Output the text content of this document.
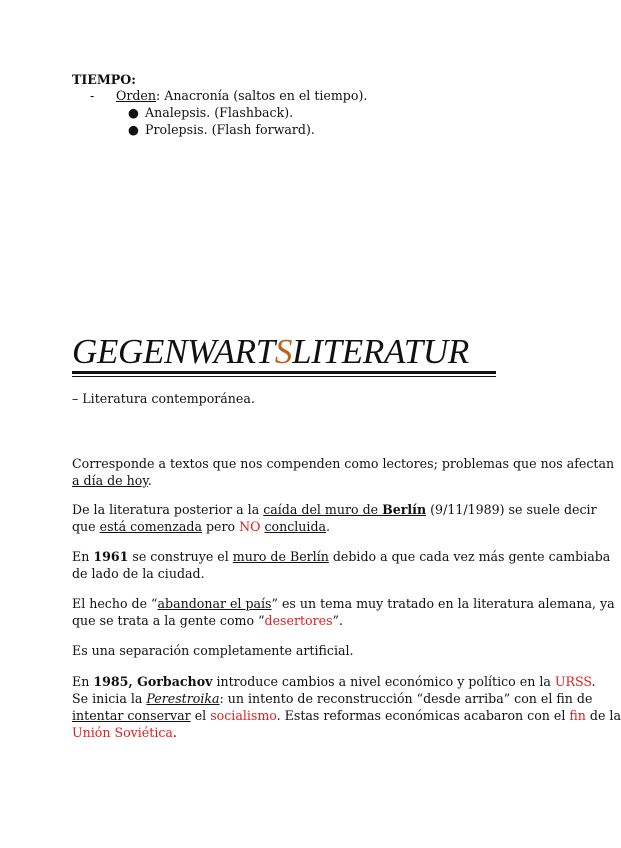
TIEMPO:
- Orden: Anacronía (saltos en el tiempo).
● Analepsis. (Flashback).
● Prolepsis. (Flash forward).
GEGENWARTSLITERATUR
– Literatura contemporánea.
Corresponde a textos que nos compenden como lectores; problemas que nos afectan
a día de hoy.
De la literatura posterior a la caída del muro de Berlín (9/11/1989) se suele decir
que está comenzada pero NO concluida.
En 1961 se construye el muro de Berlín debido a que cada vez más gente cambiaba
de lado de la ciudad.
El hecho de “abandonar el país” es un tema muy tratado en la literatura alemana, ya
que se trata a la gente como “desertores”.
Es una separación completamente artificial.
En 1985, Gorbachov introduce cambios a nivel económico y político en la URSS.
Se inicia la Perestroika: un intento de reconstrucción “desde arriba” con el fin de
intentar conservar el socialismo. Estas reformas económicas acabaron con el fin de la
Unión Soviética.
